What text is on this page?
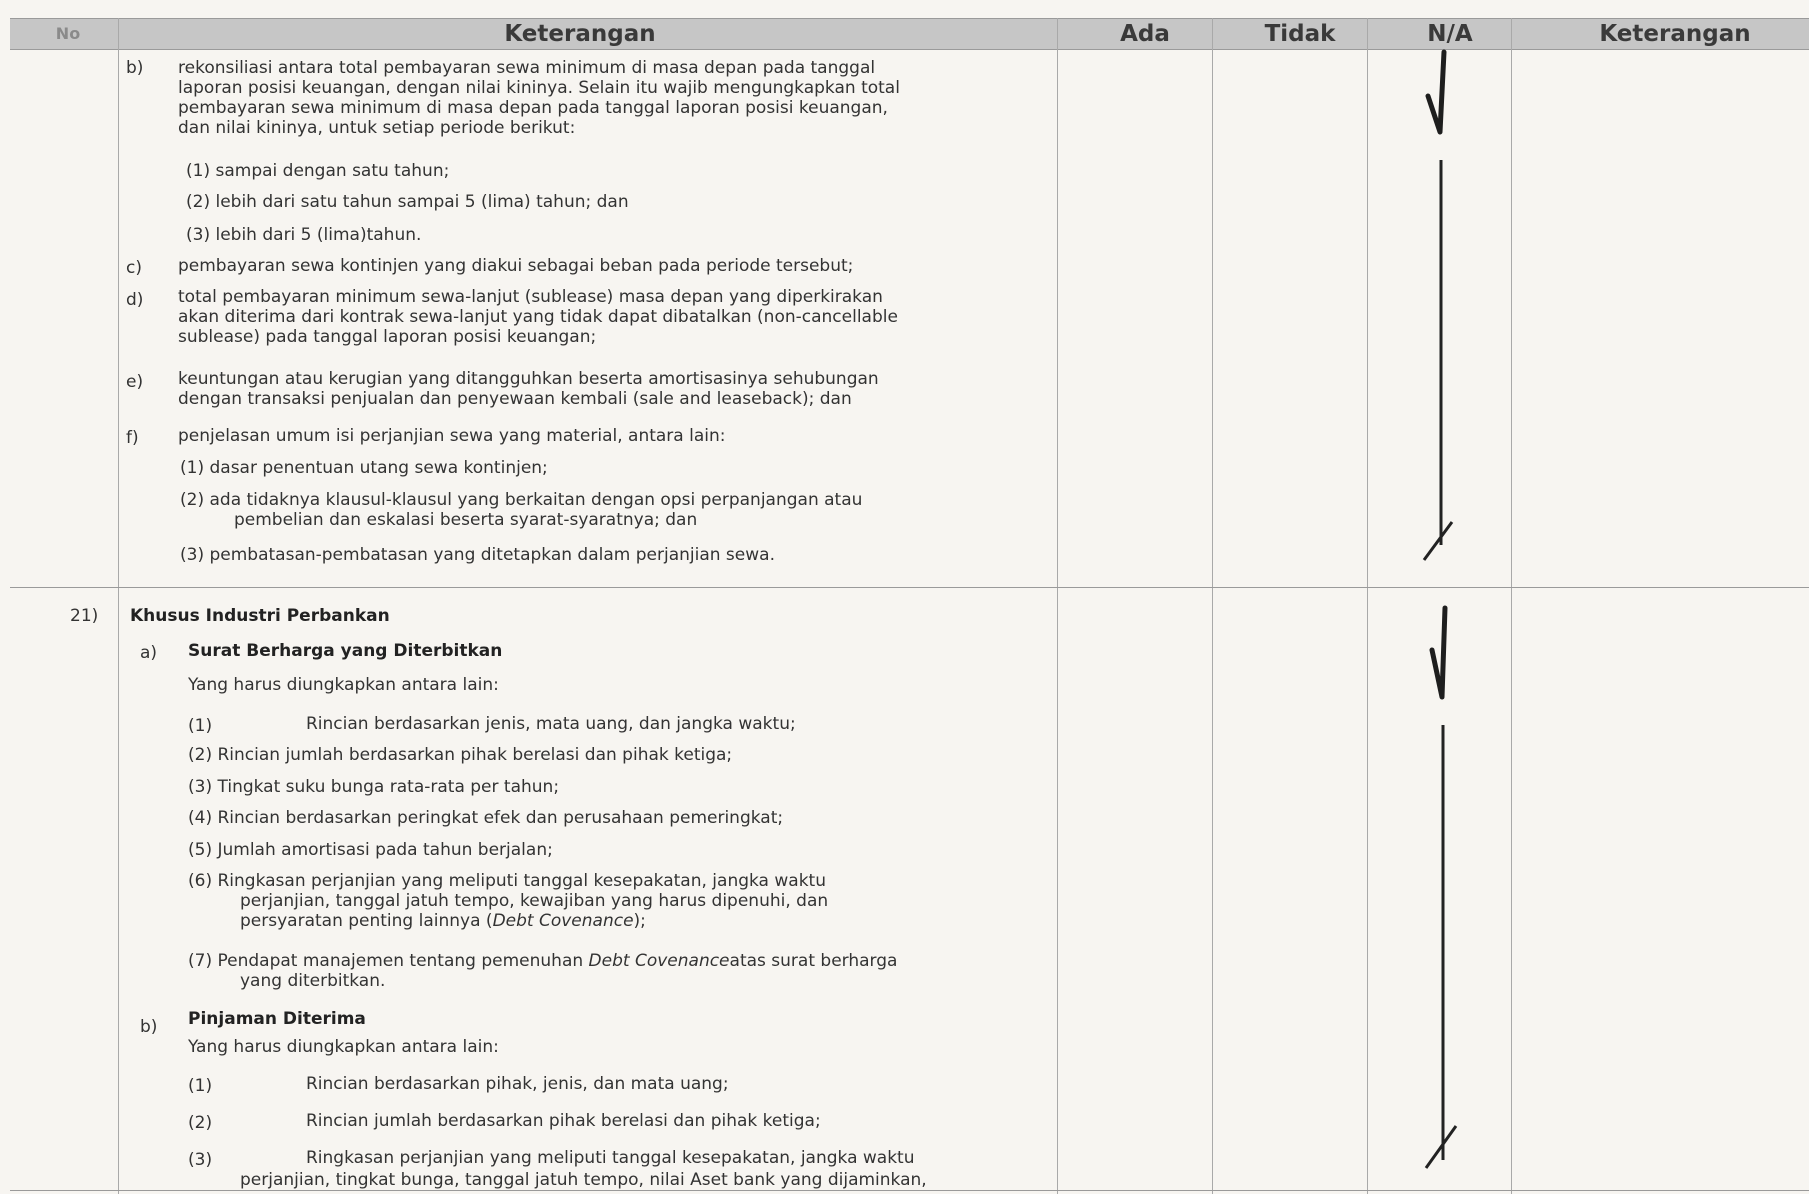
No	Keterangan	Ada	Tidak	N/A	Keterangan
b) rekonsiliasi antara total pembayaran sewa minimum di masa depan pada tanggal
laporan posisi keuangan, dengan nilai kininya. Selain itu wajib mengungkapkan total
pembayaran sewa minimum di masa depan pada tanggal laporan posisi keuangan,
dan nilai kininya, untuk setiap periode berikut:
(1) sampai dengan satu tahun;
(2) lebih dari satu tahun sampai 5 (lima) tahun; dan
(3) lebih dari 5 (lima)tahun.
c) pembayaran sewa kontinjen yang diakui sebagai beban pada periode tersebut;
d) total pembayaran minimum sewa-lanjut (sublease) masa depan yang diperkirakan
akan diterima dari kontrak sewa-lanjut yang tidak dapat dibatalkan (non-cancellable
sublease) pada tanggal laporan posisi keuangan;
e) keuntungan atau kerugian yang ditangguhkan beserta amortisasinya sehubungan
dengan transaksi penjualan dan penyewaan kembali (sale and leaseback); dan
f) penjelasan umum isi perjanjian sewa yang material, antara lain:
(1) dasar penentuan utang sewa kontinjen;
(2) ada tidaknya klausul-klausul yang berkaitan dengan opsi perpanjangan atau
pembelian dan eskalasi beserta syarat-syaratnya; dan
(3) pembatasan-pembatasan yang ditetapkan dalam perjanjian sewa.
21) Khusus Industri Perbankan
a) Surat Berharga yang Diterbitkan
Yang harus diungkapkan antara lain:
(1)	Rincian berdasarkan jenis, mata uang, dan jangka waktu;
(2) Rincian jumlah berdasarkan pihak berelasi dan pihak ketiga;
(3) Tingkat suku bunga rata-rata per tahun;
(4) Rincian berdasarkan peringkat efek dan perusahaan pemeringkat;
(5) Jumlah amortisasi pada tahun berjalan;
(6) Ringkasan perjanjian yang meliputi tanggal kesepakatan, jangka waktu
perjanjian, tanggal jatuh tempo, kewajiban yang harus dipenuhi, dan
persyaratan penting lainnya (Debt Covenance);
(7) Pendapat manajemen tentang pemenuhan Debt Covenanceatas surat berharga
yang diterbitkan.
b) Pinjaman Diterima
Yang harus diungkapkan antara lain:
(1)	Rincian berdasarkan pihak, jenis, dan mata uang;
(2)	Rincian jumlah berdasarkan pihak berelasi dan pihak ketiga;
(3)	Ringkasan perjanjian yang meliputi tanggal kesepakatan, jangka waktu
perjanjian, tingkat bunga, tanggal jatuh tempo, nilai Aset bank yang dijaminkan,
